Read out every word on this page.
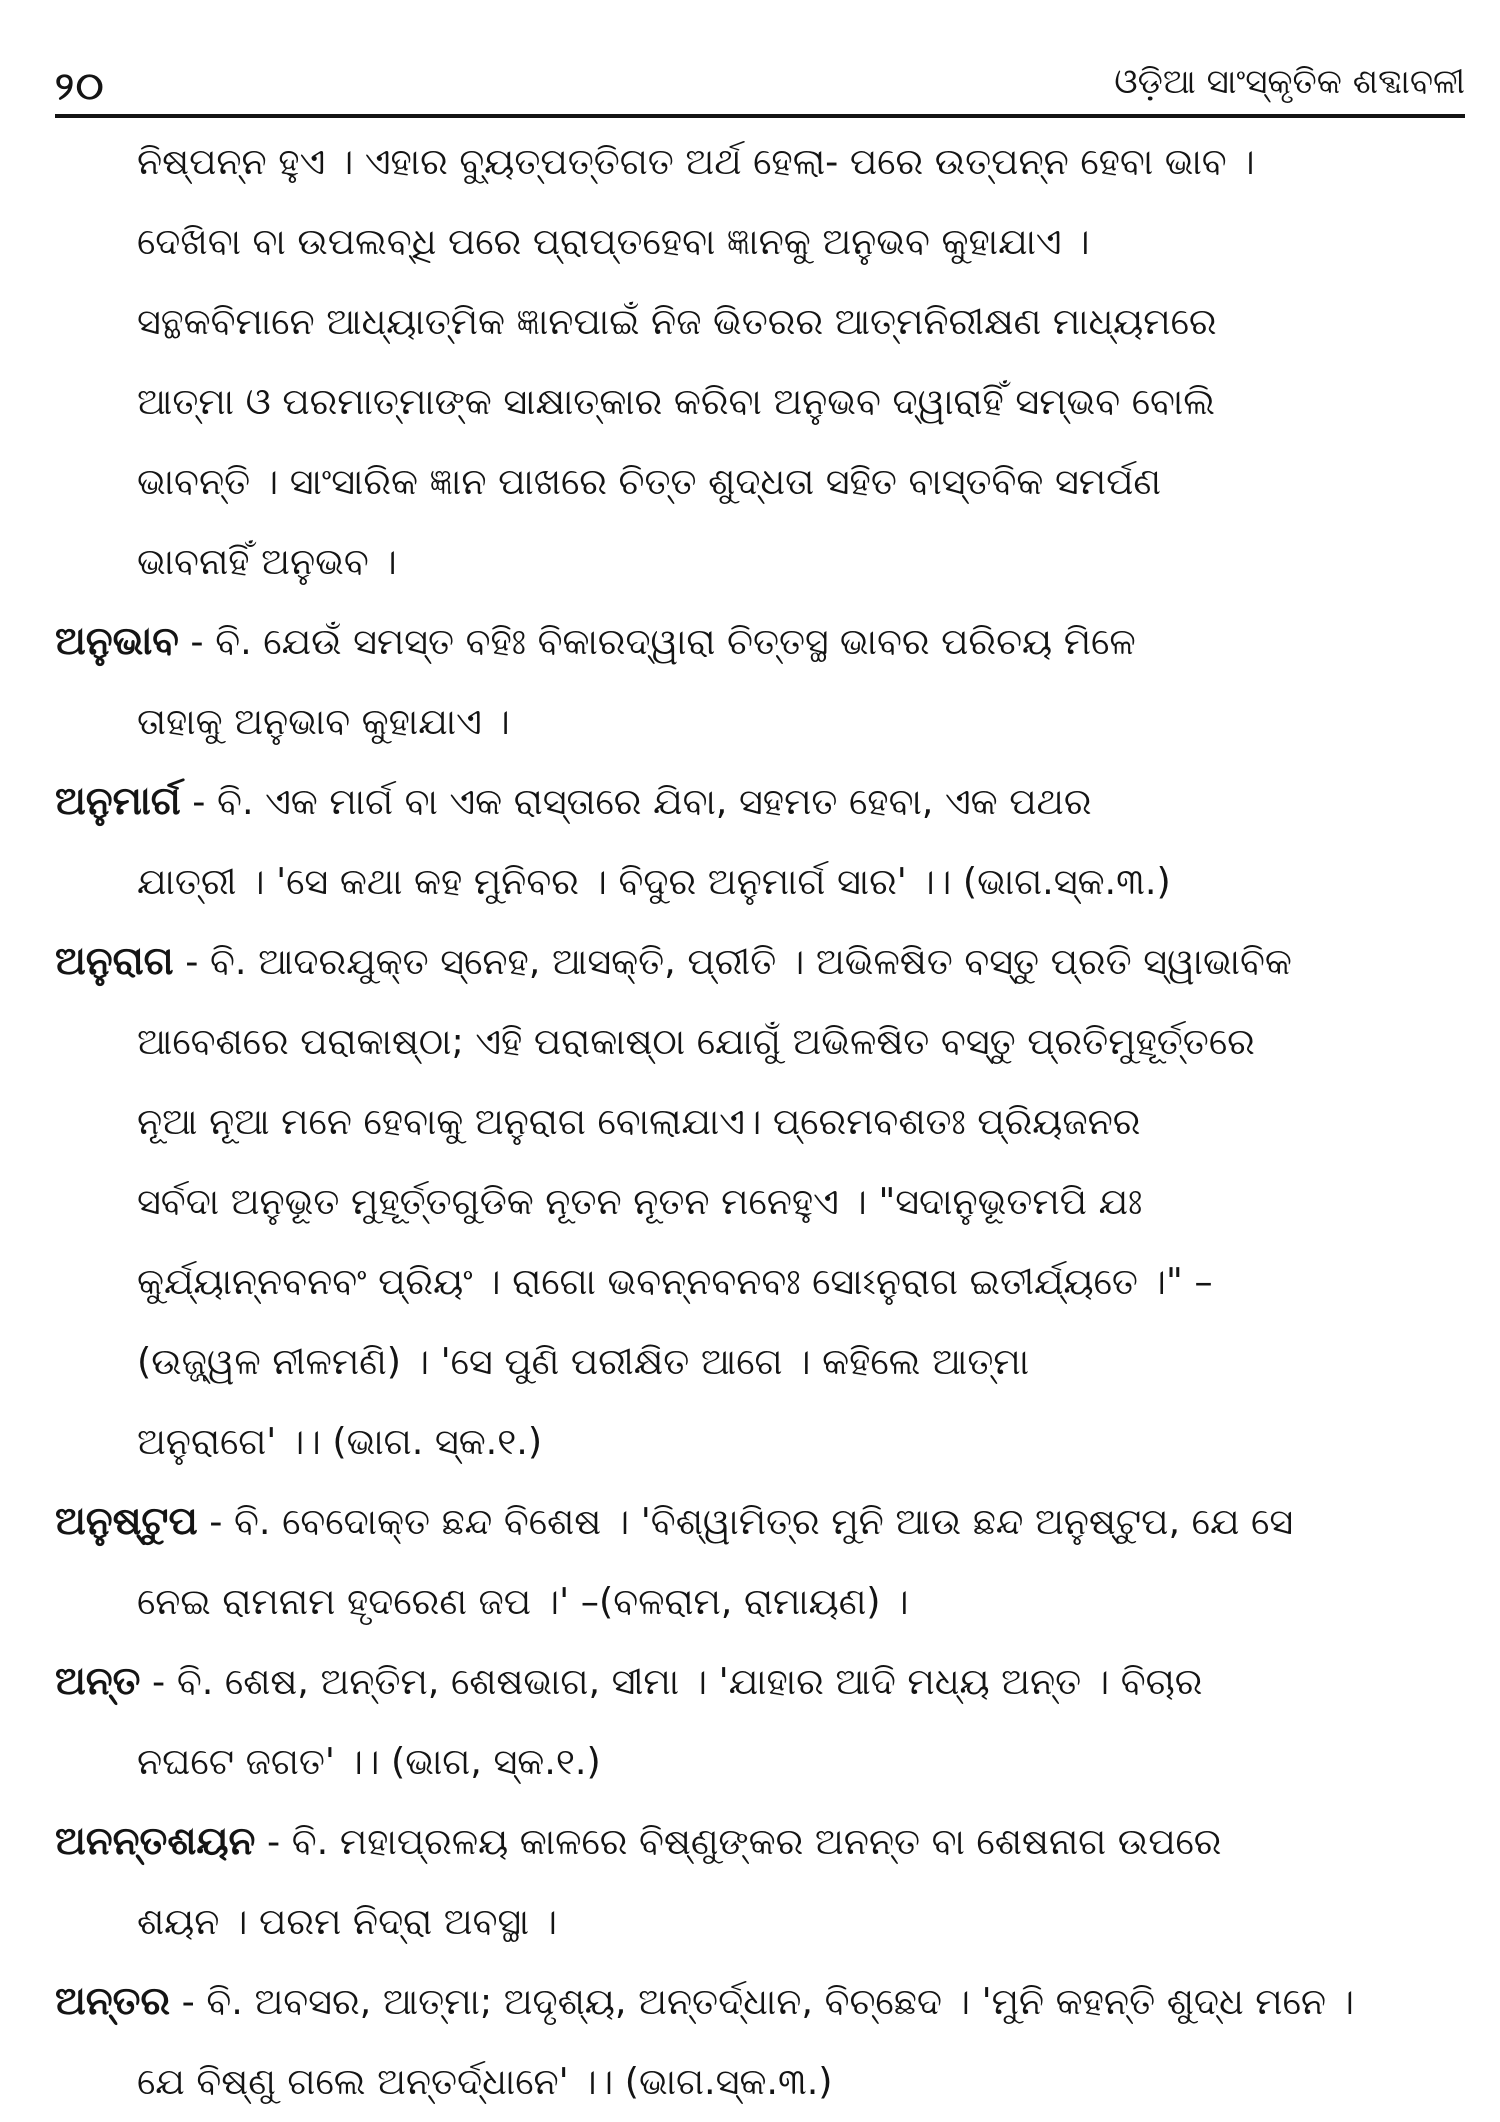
୨୦	ଓଡ଼ିଆ ସାଂସ୍କୃତିକ ଶବ୍ଦାବଳୀ
ନିଷ୍ପନ୍ନ ହୁଏ । ଏହାର ବ୍ୟୁତ୍ପତ୍ତିଗତ ଅର୍ଥ ହେଲା- ପରେ ଉତ୍ପନ୍ନ ହେବା ଭାବ ।
ଦେଖିବା ବା ଉପଲବ୍ଧି ପରେ ପ୍ରାପ୍ତହେବା ଜ୍ଞାନକୁ ଅନୁଭବ କୁହାଯାଏ ।
ସନ୍ଥକବିମାନେ ଆଧ୍ୟାତ୍ମିକ ଜ୍ଞାନପାଇଁ ନିଜ ଭିତରର ଆତ୍ମନିରୀକ୍ଷଣ ମାଧ୍ୟମରେ
ଆତ୍ମା ଓ ପରମାତ୍ମାଙ୍କ ସାକ୍ଷାତ୍କାର କରିବା ଅନୁଭବ ଦ୍ୱାରାହିଁ ସମ୍ଭବ ବୋଲି
ଭାବନ୍ତି । ସାଂସାରିକ ଜ୍ଞାନ ପାଖରେ ଚିତ୍ତ ଶୁଦ୍ଧତା ସହିତ ବାସ୍ତବିକ ସମର୍ପଣ
ଭାବନାହିଁ ଅନୁଭବ ।
ଅନୁଭାବ - ବି. ଯେଉଁ ସମସ୍ତ ବହିଃ ବିକାରଦ୍ୱାରା ଚିତ୍ତସ୍ଥ ଭାବର ପରିଚୟ ମିଳେ
ତାହାକୁ ଅନୁଭାବ କୁହାଯାଏ ।
ଅନୁମାର୍ଗ - ବି. ଏକ ମାର୍ଗ ବା ଏକ ରାସ୍ତାରେ ଯିବା, ସହମତ ହେବା, ଏକ ପଥର
ଯାତ୍ରୀ । 'ସେ କଥା କହ ମୁନିବର । ବିଦୁର ଅନୁମାର୍ଗ ସାର' ।। (ଭାଗ.ସ୍କ.୩.)
ଅନୁରାଗ - ବି. ଆଦରଯୁକ୍ତ ସ୍ନେହ, ଆସକ୍ତି, ପ୍ରୀତି । ଅଭିଳଷିତ ବସ୍ତୁ ପ୍ରତି ସ୍ୱାଭାବିକ
ଆବେଶରେ ପରାକାଷ୍ଠା; ଏହି ପରାକାଷ୍ଠା ଯୋଗୁଁ ଅଭିଳଷିତ ବସ୍ତୁ ପ୍ରତିମୁହୂର୍ତ୍ତରେ
ନୂଆ ନୂଆ ମନେ ହେବାକୁ ଅନୁରାଗ ବୋଲାଯାଏ। ପ୍ରେମବଶତଃ ପ୍ରିୟଜନର
ସର୍ବଦା ଅନୁଭୂତ ମୁହୂର୍ତ୍ତଗୁଡିକ ନୂତନ ନୂତନ ମନେହୁଏ । "ସଦାନୁଭୂତମପି ଯଃ
କୁର୍ଯ୍ୟାନ୍ନବନବଂ ପ୍ରିୟଂ । ରାଗୋ ଭବନ୍ନବନବଃ ସୋଽନୁରାଗ ଇତୀର୍ଯ୍ୟତେ ।" –
(ଉଜ୍ଜ୍ୱଳ ନୀଳମଣି) । 'ସେ ପୁଣି ପରୀକ୍ଷିତ ଆଗେ । କହିଲେ ଆତ୍ମା
ଅନୁରାଗେ' ।। (ଭାଗ. ସ୍କ.୧.)
ଅନୁଷ୍ଟୁପ - ବି. ବେଦୋକ୍ତ ଛନ୍ଦ ବିଶେଷ । 'ବିଶ୍ୱାମିତ୍ର ମୁନି ଆଉ ଛନ୍ଦ ଅନୁଷ୍ଟୁପ, ଯେ ସେ
ନେଇ ରାମନାମ ହୃଦରେଣ ଜପ ।' –(ବଳରାମ, ରାମାୟଣ) ।
ଅନ୍ତ - ବି. ଶେଷ, ଅନ୍ତିମ, ଶେଷଭାଗ, ସୀମା । 'ଯାହାର ଆଦି ମଧ୍ୟ ଅନ୍ତ । ବିଚାର
ନଘଟେ ଜଗତ' ।। (ଭାଗ, ସ୍କ.୧.)
ଅନନ୍ତଶୟନ - ବି. ମହାପ୍ରଳୟ କାଳରେ ବିଷ୍ଣୁଙ୍କର ଅନନ୍ତ ବା ଶେଷନାଗ ଉପରେ
ଶୟନ । ପରମ ନିଦ୍ରା ଅବସ୍ଥା ।
ଅନ୍ତର - ବି. ଅବସର, ଆତ୍ମା; ଅଦୃଶ୍ୟ, ଅନ୍ତର୍ଦ୍ଧାନ, ବିଚ୍ଛେଦ । 'ମୁନି କହନ୍ତି ଶୁଦ୍ଧ ମନେ ।
ଯେ ବିଷ୍ଣୁ ଗଲେ ଅନ୍ତର୍ଦ୍ଧାନେ' ।। (ଭାଗ.ସ୍କ.୩.)
